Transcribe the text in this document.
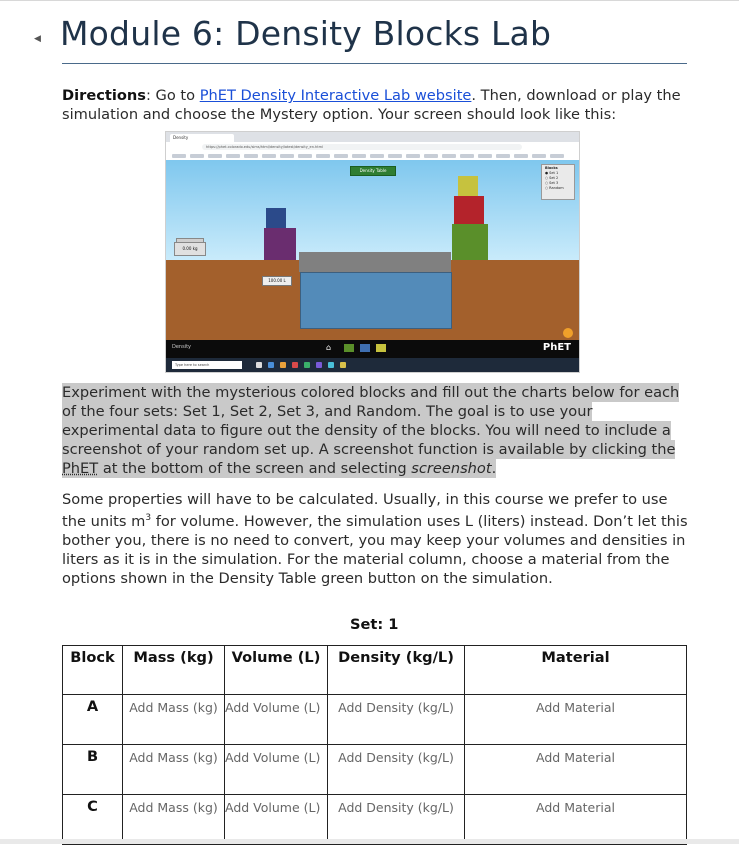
◀ Module 6: Density Blocks Lab

Directions: Go to PhET Density Interactive Lab website. Then, download or play the simulation and choose the Mystery option. Your screen should look like this:

Density
https://phet.colorado.edu/sims/html/density/latest/density_en.html
Density Table	Blocks
● Set 1
○ Set 2
○ Set 3
○ Random
0.00 kg
100.00 L
Density	⌂	PhET
Type here to search

Experiment with the mysterious colored blocks and fill out the charts below for each of the four sets: Set 1, Set 2, Set 3, and Random. The goal is to use your experimental data to figure out the density of the blocks. You will need to include a screenshot of your random set up. A screenshot function is available by clicking the PhET at the bottom of the screen and selecting screenshot.

Some properties will have to be calculated. Usually, in this course we prefer to use the units $m^3$ for volume. However, the simulation uses L (liters) instead. Don’t let this bother you, there is no need to convert, you may keep your volumes and densities in liters as it is in the simulation. For the material column, choose a material from the options shown in the Density Table green button on the simulation.

Set: 1
Block	Mass (kg)	Volume (L)	Density (kg/L)	Material
A	Add Mass (kg)	Add Volume (L)	Add Density (kg/L)	Add Material
B	Add Mass (kg)	Add Volume (L)	Add Density (kg/L)	Add Material
C	Add Mass (kg)	Add Volume (L)	Add Density (kg/L)	Add Material
